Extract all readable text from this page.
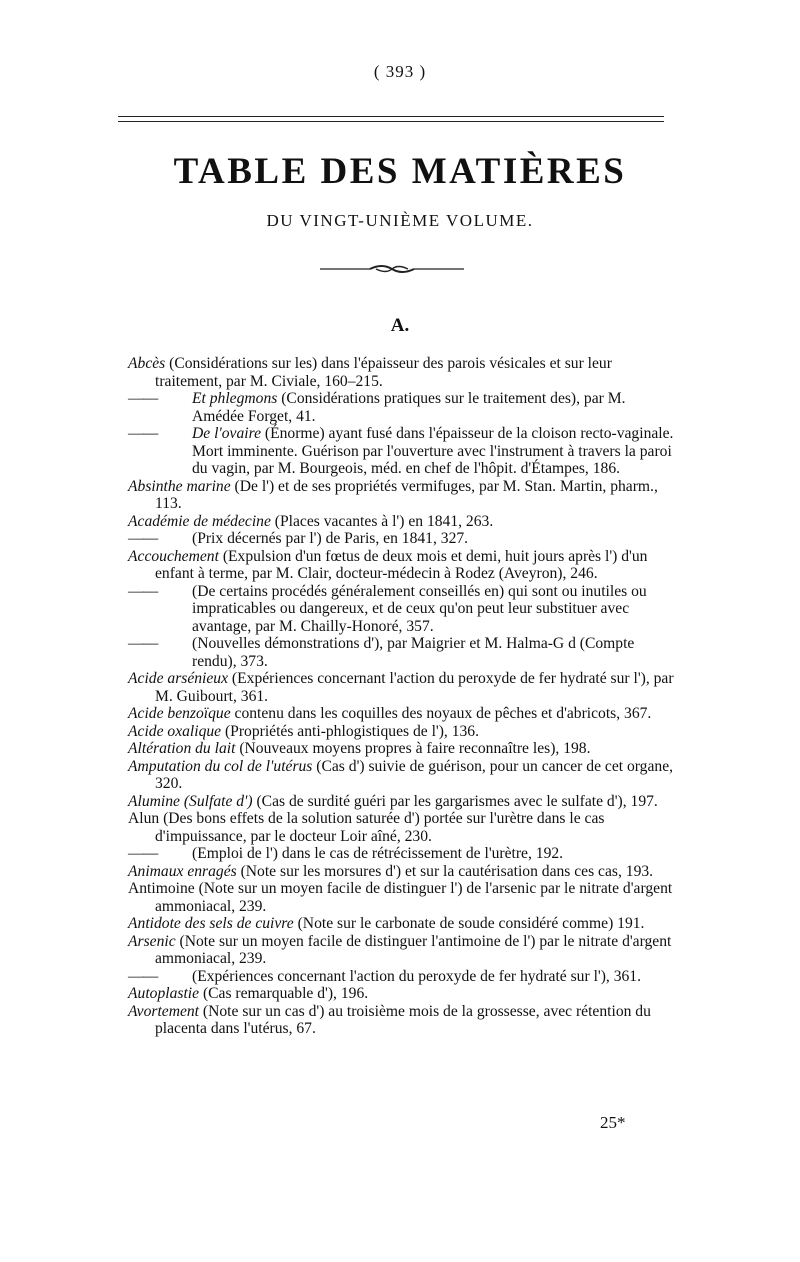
( 393 )
TABLE DES MATIÈRES
DU VINGT-UNIÈME VOLUME.
A.

Abcès (Considérations sur les) dans l'épaisseur des parois vésicales et sur leur traitement, par M. Civiale, 160–215.

—— Et phlegmons (Considérations pratiques sur le traitement des), par M. Amédée Forget, 41.

—— De l'ovaire (Énorme) ayant fusé dans l'épaisseur de la cloison recto-vaginale. Mort imminente. Guérison par l'ouverture avec l'instrument à travers la paroi du vagin, par M. Bourgeois, méd. en chef de l'hôpit. d'Étampes, 186.

Absinthe marine (De l') et de ses propriétés vermifuges, par M. Stan. Martin, pharm., 113.

Académie de médecine (Places vacantes à l') en 1841, 263.

—— (Prix décernés par l') de Paris, en 1841, 327.

Accouchement (Expulsion d'un fœtus de deux mois et demi, huit jours après l') d'un enfant à terme, par M. Clair, docteur-médecin à Rodez (Aveyron), 246.

—— (De certains procédés généralement conseillés en) qui sont ou inutiles ou impraticables ou dangereux, et de ceux qu'on peut leur substituer avec avantage, par M. Chailly-Honoré, 357.

—— (Nouvelles démonstrations d'), par Maigrier et M. Halma-G d (Compte rendu), 373.

Acide arsénieux (Expériences concernant l'action du peroxyde de fer hydraté sur l'), par M. Guibourt, 361.

Acide benzoïque contenu dans les coquilles des noyaux de pêches et d'abricots, 367.

Acide oxalique (Propriétés anti-phlogistiques de l'), 136.

Altération du lait (Nouveaux moyens propres à faire reconnaître les), 198.

Amputation du col de l'utérus (Cas d') suivie de guérison, pour un cancer de cet organe, 320.

Alumine (Sulfate d') (Cas de surdité guéri par les gargarismes avec le sulfate d'), 197.

Alun (Des bons effets de la solution saturée d') portée sur l'urètre dans le cas d'impuissance, par le docteur Loir aîné, 230.

—— (Emploi de l') dans le cas de rétrécissement de l'urètre, 192.

Animaux enragés (Note sur les morsures d') et sur la cautérisation dans ces cas, 193.

Antimoine (Note sur un moyen facile de distinguer l') de l'arsenic par le nitrate d'argent ammoniacal, 239.

Antidote des sels de cuivre (Note sur le carbonate de soude considéré comme) 191.

Arsenic (Note sur un moyen facile de distinguer l'antimoine de l') par le nitrate d'argent ammoniacal, 239.

—— (Expériences concernant l'action du peroxyde de fer hydraté sur l'), 361.

Autoplastie (Cas remarquable d'), 196.

Avortement (Note sur un cas d') au troisième mois de la grossesse, avec rétention du placenta dans l'utérus, 67.

25*
